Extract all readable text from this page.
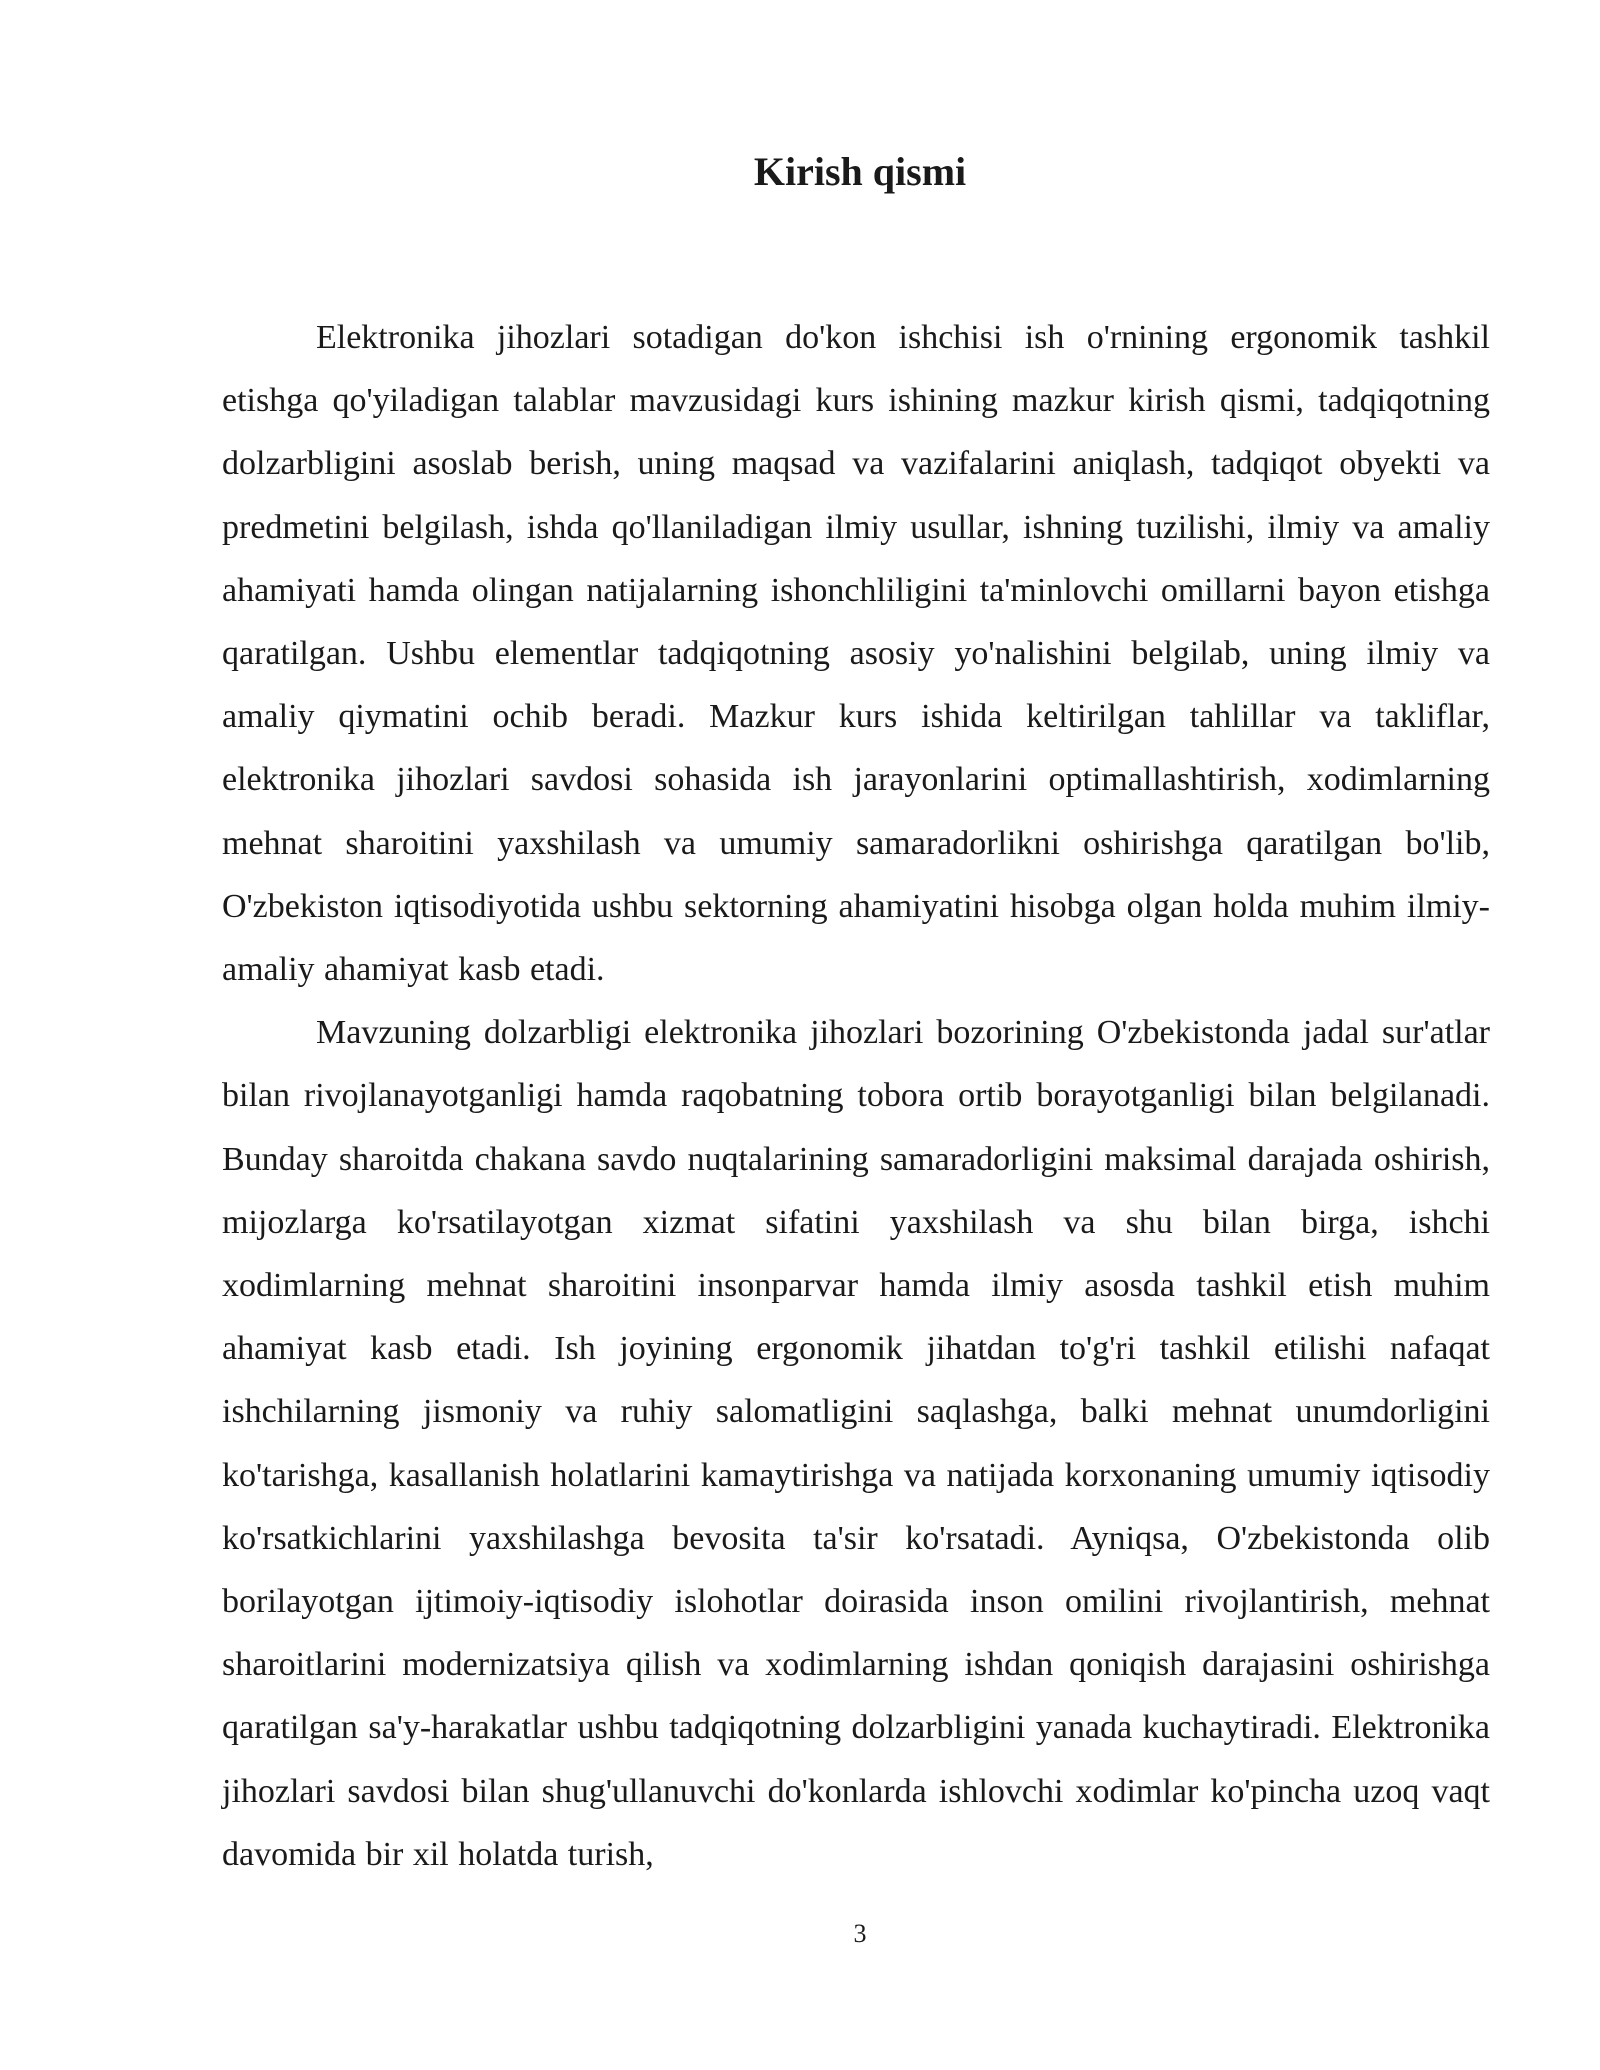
Kirish qismi

Elektronika jihozlari sotadigan do'kon ishchisi ish o'rnining ergonomik tashkil etishga qo'yiladigan talablar mavzusidagi kurs ishining mazkur kirish qismi, tadqiqotning dolzarbligini asoslab berish, uning maqsad va vazifalarini aniqlash, tadqiqot obyekti va predmetini belgilash, ishda qo'llaniladigan ilmiy usullar, ishning tuzilishi, ilmiy va amaliy ahamiyati hamda olingan natijalarning ishonchliligini ta'minlovchi omillarni bayon etishga qaratilgan. Ushbu elementlar tadqiqotning asosiy yo'nalishini belgilab, uning ilmiy va amaliy qiymatini ochib beradi. Mazkur kurs ishida keltirilgan tahlillar va takliflar, elektronika jihozlari savdosi sohasida ish jarayonlarini optimallashtirish, xodimlarning mehnat sharoitini yaxshilash va umumiy samaradorlikni oshirishga qaratilgan bo'lib, O'zbekiston iqtisodiyotida ushbu sektorning ahamiyatini hisobga olgan holda muhim ilmiy-amaliy ahamiyat kasb etadi.

Mavzuning dolzarbligi elektronika jihozlari bozorining O'zbekistonda jadal sur'atlar bilan rivojlanayotganligi hamda raqobatning tobora ortib borayotganligi bilan belgilanadi. Bunday sharoitda chakana savdo nuqtalarining samaradorligini maksimal darajada oshirish, mijozlarga ko'rsatilayotgan xizmat sifatini yaxshilash va shu bilan birga, ishchi xodimlarning mehnat sharoitini insonparvar hamda ilmiy asosda tashkil etish muhim ahamiyat kasb etadi. Ish joyining ergonomik jihatdan to'g'ri tashkil etilishi nafaqat ishchilarning jismoniy va ruhiy salomatligini saqlashga, balki mehnat unumdorligini ko'tarishga, kasallanish holatlarini kamaytirishga va natijada korxonaning umumiy iqtisodiy ko'rsatkichlarini yaxshilashga bevosita ta'sir ko'rsatadi. Ayniqsa, O'zbekistonda olib borilayotgan ijtimoiy-iqtisodiy islohotlar doirasida inson omilini rivojlantirish, mehnat sharoitlarini modernizatsiya qilish va xodimlarning ishdan qoniqish darajasini oshirishga qaratilgan sa'y-harakatlar ushbu tadqiqotning dolzarbligini yanada kuchaytiradi. Elektronika jihozlari savdosi bilan shug'ullanuvchi do'konlarda ishlovchi xodimlar ko'pincha uzoq vaqt davomida bir xil holatda turish,

3
